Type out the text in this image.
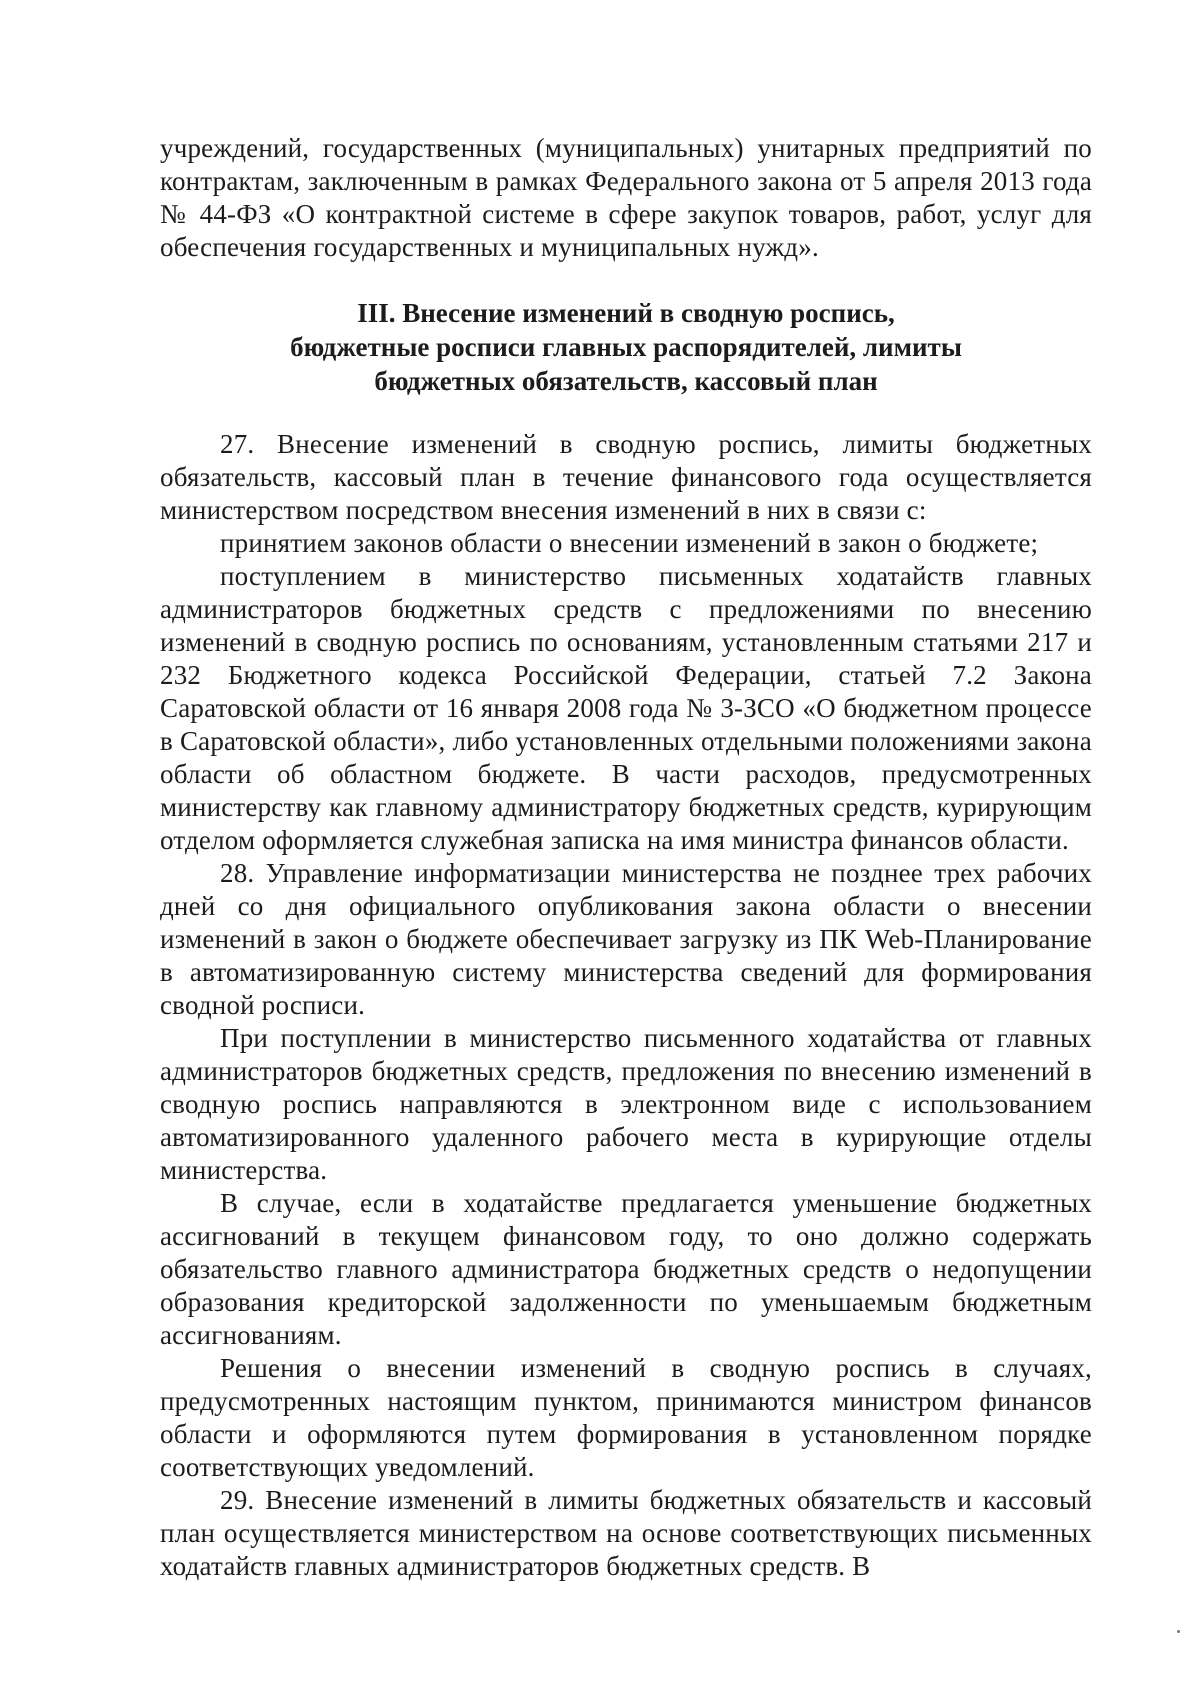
учреждений, государственных (муниципальных) унитарных предприятий по контрактам, заключенным в рамках Федерального закона от 5 апреля 2013 года № 44-ФЗ «О контрактной системе в сфере закупок товаров, работ, услуг для обеспечения государственных и муниципальных нужд».

III. Внесение изменений в сводную роспись,
бюджетные росписи главных распорядителей, лимиты
бюджетных обязательств, кассовый план

27. Внесение изменений в сводную роспись, лимиты бюджетных обязательств, кассовый план в течение финансового года осуществляется министерством посредством внесения изменений в них в связи с:

принятием законов области о внесении изменений в закон о бюджете;

поступлением в министерство письменных ходатайств главных администраторов бюджетных средств с предложениями по внесению изменений в сводную роспись по основаниям, установленным статьями 217 и 232 Бюджетного кодекса Российской Федерации, статьей 7.2 Закона Саратовской области от 16 января 2008 года № 3-ЗСО «О бюджетном процессе в Саратовской области», либо установленных отдельными положениями закона области об областном бюджете. В части расходов, предусмотренных министерству как главному администратору бюджетных средств, курирующим отделом оформляется служебная записка на имя министра финансов области.

28. Управление информатизации министерства не позднее трех рабочих дней со дня официального опубликования закона области о внесении изменений в закон о бюджете обеспечивает загрузку из ПК Web-Планирование в автоматизированную систему министерства сведений для формирования сводной росписи.

При поступлении в министерство письменного ходатайства от главных администраторов бюджетных средств, предложения по внесению изменений в сводную роспись направляются в электронном виде с использованием автоматизированного удаленного рабочего места в курирующие отделы министерства.

В случае, если в ходатайстве предлагается уменьшение бюджетных ассигнований в текущем финансовом году, то оно должно содержать обязательство главного администратора бюджетных средств о недопущении образования кредиторской задолженности по уменьшаемым бюджетным ассигнованиям.

Решения о внесении изменений в сводную роспись в случаях, предусмотренных настоящим пунктом, принимаются министром финансов области и оформляются путем формирования в установленном порядке соответствующих уведомлений.

29. Внесение изменений в лимиты бюджетных обязательств и кассовый план осуществляется министерством на основе соответствующих письменных ходатайств главных администраторов бюджетных средств. В
